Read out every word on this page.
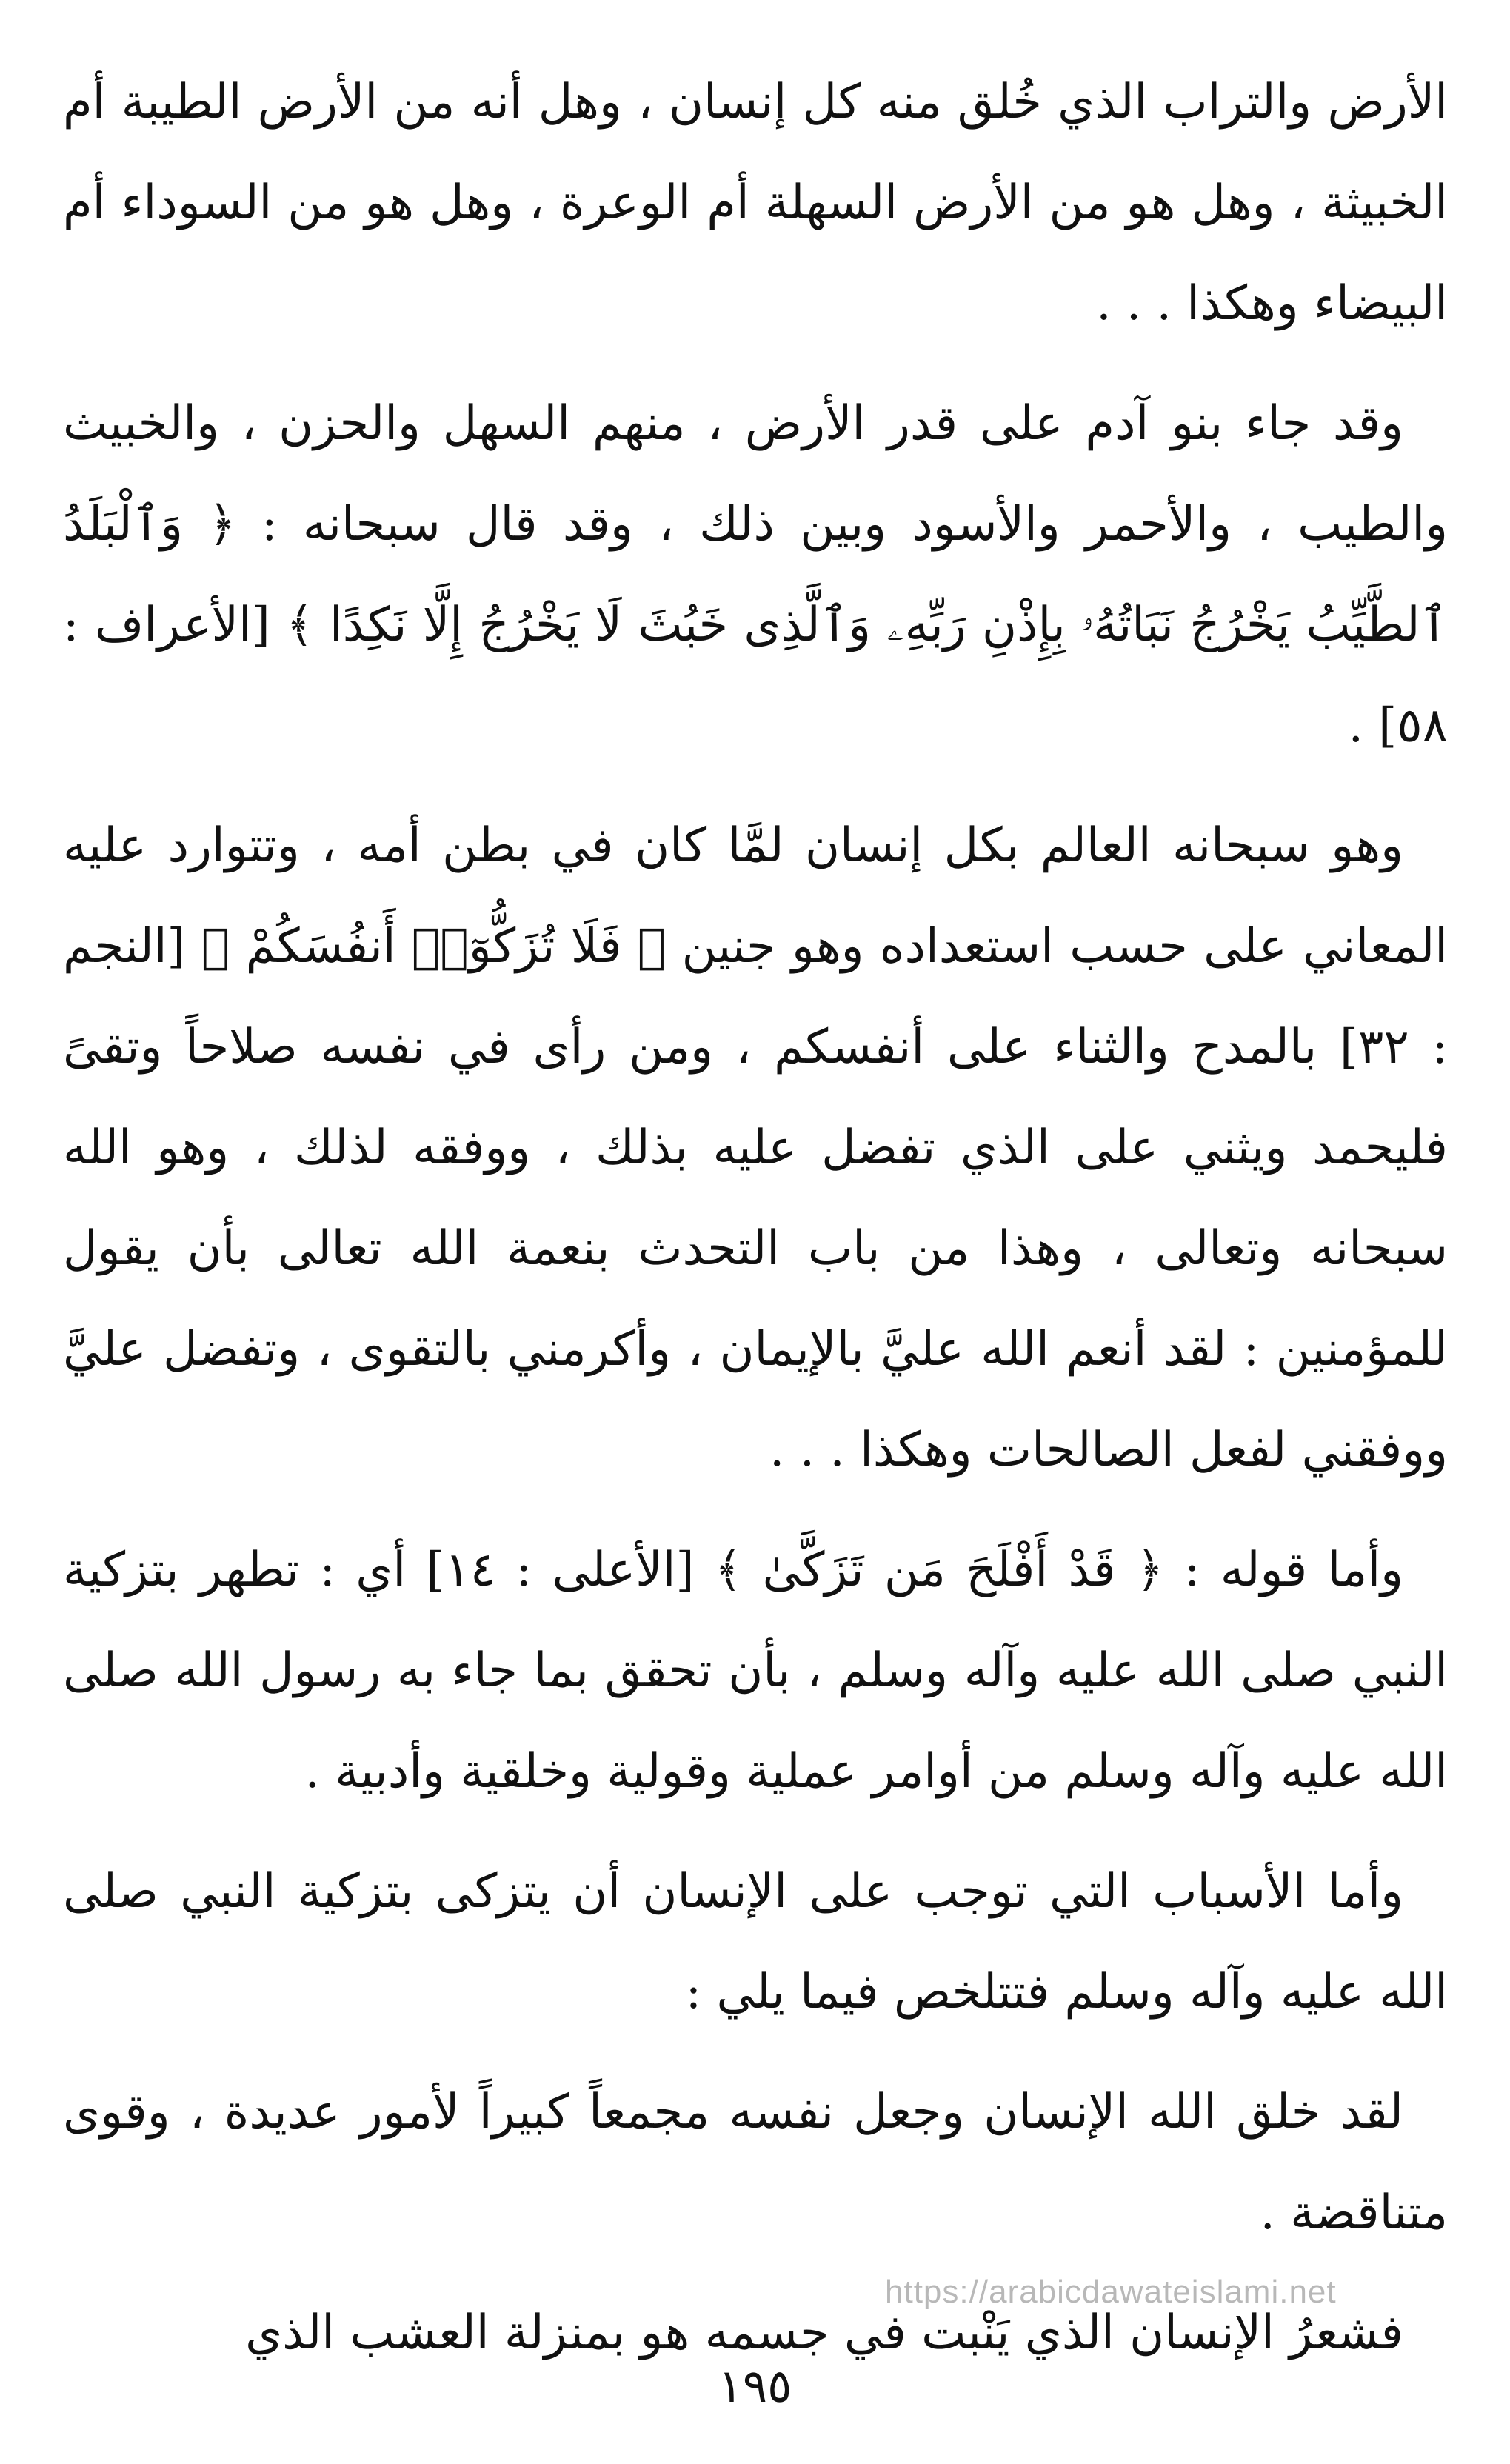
الأرض والتراب الذي خُلق منه كل إنسان ، وهل أنه من الأرض الطيبة أم الخبيثة ، وهل هو من الأرض السهلة أم الوعرة ، وهل هو من السوداء أم البيضاء وهكذا . . .

وقد جاء بنو آدم على قدر الأرض ، منهم السهل والحزن ، والخبيث والطيب ، والأحمر والأسود وبين ذلك ، وقد قال سبحانه : ﴿ وَٱلْبَلَدُ ٱلطَّيِّبُ يَخْرُجُ نَبَاتُهُۥ بِإِذْنِ رَبِّهِۦ وَٱلَّذِى خَبُثَ لَا يَخْرُجُ إِلَّا نَكِدًا ﴾ [الأعراف : ٥٨] .

وهو سبحانه العالم بكل إنسان لمَّا كان في بطن أمه ، وتتوارد عليه المعاني على حسب استعداده وهو جنين ﴿ فَلَا تُزَكُّوٓا۟ أَنفُسَكُمْ ﴾ [النجم : ٣٢] بالمدح والثناء على أنفسكم ، ومن رأى في نفسه صلاحاً وتقىً فليحمد ويثني على الذي تفضل عليه بذلك ، ووفقه لذلك ، وهو الله سبحانه وتعالى ، وهذا من باب التحدث بنعمة الله تعالى بأن يقول للمؤمنين : لقد أنعم الله عليَّ بالإيمان ، وأكرمني بالتقوى ، وتفضل عليَّ ووفقني لفعل الصالحات وهكذا . . .

وأما قوله : ﴿ قَدْ أَفْلَحَ مَن تَزَكَّىٰ ﴾ [الأعلى : ١٤] أي : تطهر بتزكية النبي صلى الله عليه وآله وسلم ، بأن تحقق بما جاء به رسول الله صلى الله عليه وآله وسلم من أوامر عملية وقولية وخلقية وأدبية .

وأما الأسباب التي توجب على الإنسان أن يتزكى بتزكية النبي صلى الله عليه وآله وسلم فتتلخص فيما يلي :

لقد خلق الله الإنسان وجعل نفسه مجمعاً كبيراً لأمور عديدة ، وقوى متناقضة .

فشعرُ الإنسان الذي يَنْبت في جسمه هو بمنزلة العشب الذي

https://arabicdawateislami.net
١٩٥
